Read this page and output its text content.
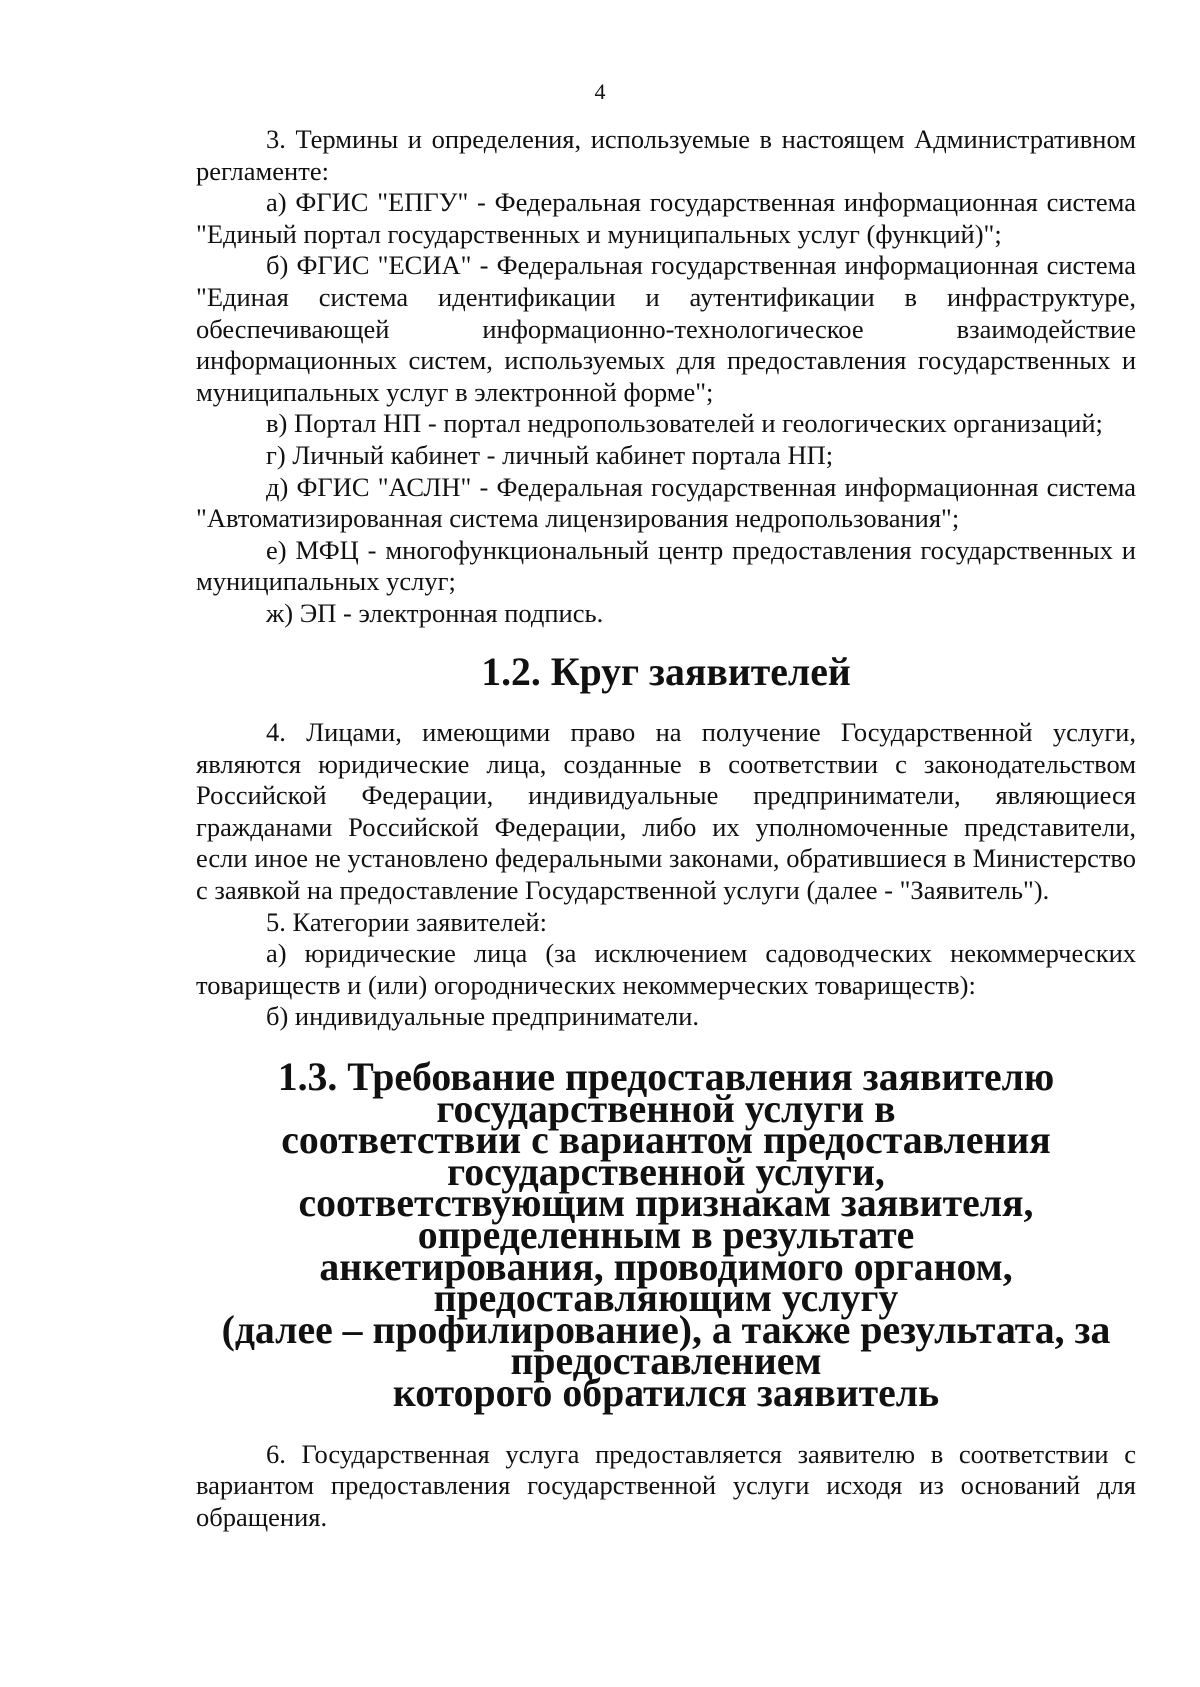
4

3. Термины и определения, используемые в настоящем Административном регламенте:

а) ФГИС "ЕПГУ" - Федеральная государственная информационная система "Единый портал государственных и муниципальных услуг (функций)";

б) ФГИС "ЕСИА" - Федеральная государственная информационная система "Единая система идентификации и аутентификации в инфраструктуре, обеспечивающей информационно-технологическое взаимодействие информационных систем, используемых для предоставления государственных и муниципальных услуг в электронной форме";

в) Портал НП - портал недропользователей и геологических организаций;

г) Личный кабинет - личный кабинет портала НП;

д) ФГИС "АСЛН" - Федеральная государственная информационная система "Автоматизированная система лицензирования недропользования";

е) МФЦ - многофункциональный центр предоставления государственных и муниципальных услуг;

ж) ЭП - электронная подпись.

1.2. Круг заявителей

4. Лицами, имеющими право на получение Государственной услуги, являются юридические лица, созданные в соответствии с законодательством Российской Федерации, индивидуальные предприниматели, являющиеся гражданами Российской Федерации, либо их уполномоченные представители, если иное не установлено федеральными законами, обратившиеся в Министерство с заявкой на предоставление Государственной услуги (далее - "Заявитель").

5. Категории заявителей:

а) юридические лица (за исключением садоводческих некоммерческих товариществ и (или) огороднических некоммерческих товариществ):

б) индивидуальные предприниматели.

1.3. Требование предоставления заявителю государственной услуги в
соответствии с вариантом предоставления государственной услуги,
соответствующим признакам заявителя, определенным в результате
анкетирования, проводимого органом, предоставляющим услугу
(далее – профилирование), а также результата, за предоставлением
которого обратился заявитель

6. Государственная услуга предоставляется заявителю в соответствии с вариантом предоставления государственной услуги исходя из оснований для обращения.
